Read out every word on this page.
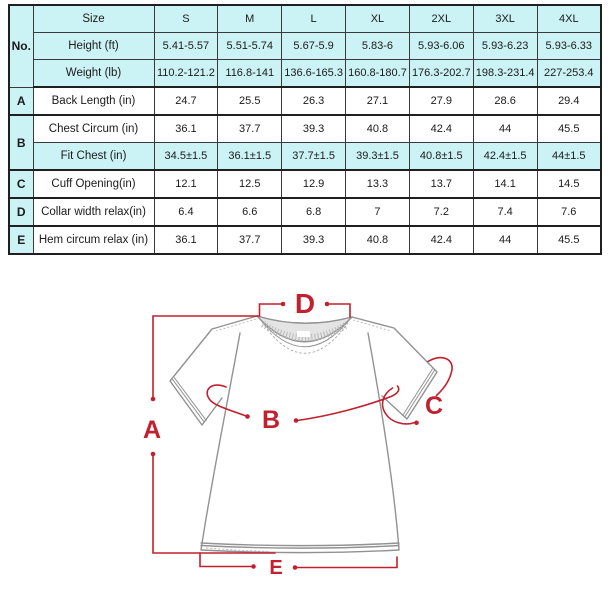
No.	Size	S	M	L	XL	2XL	3XL	4XL
	Height (ft)	5.41-5.57	5.51-5.74	5.67-5.9	5.83-6	5.93-6.06	5.93-6.23	5.93-6.33
	Weight (lb)	110.2-121.2	116.8-141	136.6-165.3	160.8-180.7	176.3-202.7	198.3-231.4	227-253.4
A	Back Length (in)	24.7	25.5	26.3	27.1	27.9	28.6	29.4
B	Chest Circum (in)	36.1	37.7	39.3	40.8	42.4	44	45.5
	Fit Chest (in)	34.5±1.5	36.1±1.5	37.7±1.5	39.3±1.5	40.8±1.5	42.4±1.5	44±1.5
C	Cuff Opening(in)	12.1	12.5	12.9	13.3	13.7	14.1	14.5
D	Collar width relax(in)	6.4	6.6	6.8	7	7.2	7.4	7.6
E	Hem circum relax (in)	36.1	37.7	39.3	40.8	42.4	44	45.5
A	B	C
D
E
